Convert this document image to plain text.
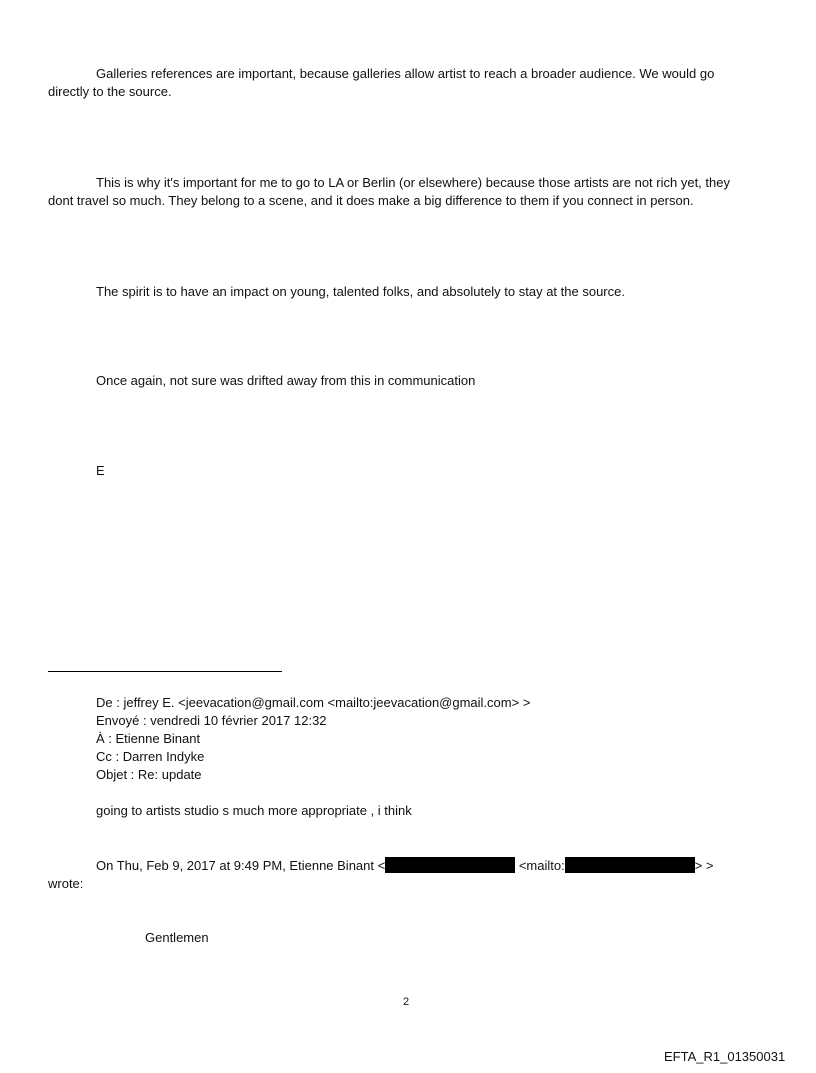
Galleries references are important, because galleries allow artist to reach a broader audience. We would go
directly to the source.
This is why it's important for me to go to LA or Berlin (or elsewhere) because those artists are not rich yet, they
dont travel so much. They belong to a scene, and it does make a big difference to them if you connect in person.
The spirit is to have an impact on young, talented folks, and absolutely to stay at the source.
Once again, not sure was drifted away from this in communication
E
De : jeffrey E. <jeevacation@gmail.com <mailto:jeevacation@gmail.com> >
Envoyé : vendredi 10 février 2017 12:32
À : Etienne Binant
Cc : Darren Indyke
Objet : Re: update
going to artists studio s much more appropriate , i think
On Thu, Feb 9, 2017 at 9:49 PM, Etienne Binant <	<mailto:	> >
wrote:
Gentlemen
2
EFTA_R1_01350031
